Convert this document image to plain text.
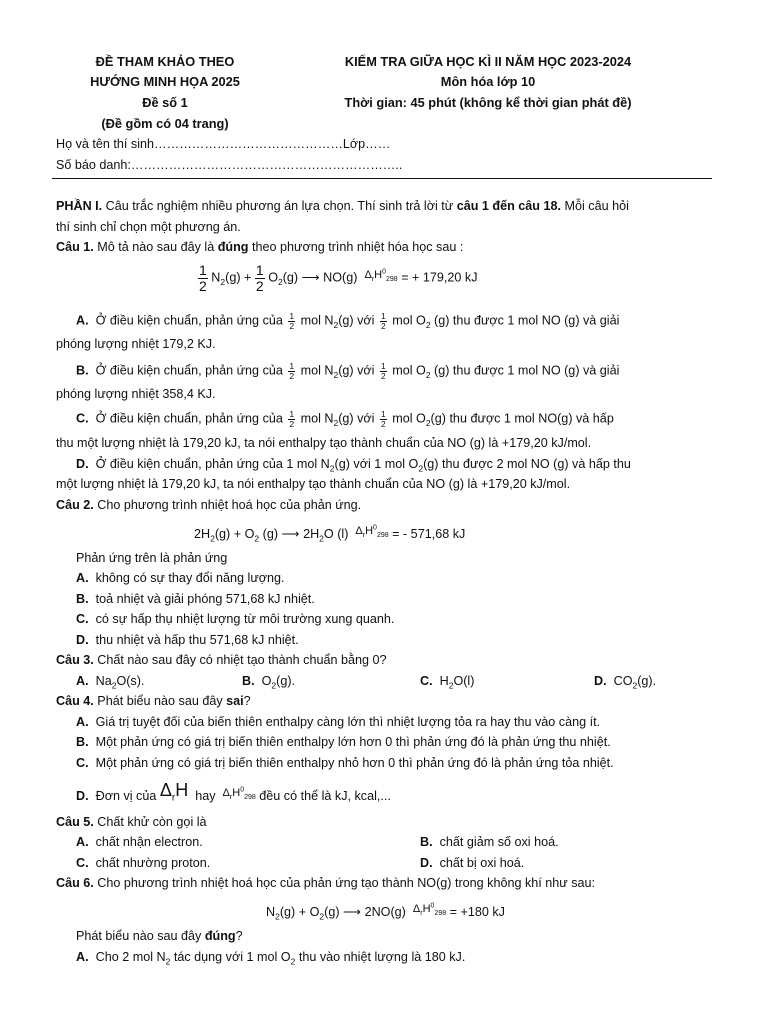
ĐỀ THAM KHẢO THEO
HƯỚNG MINH HỌA 2025
Đề số 1
(Đề gồm có 04 trang)
KIỂM TRA GIỮA HỌC KÌ II NĂM HỌC 2023-2024
Môn hóa lớp 10
Thời gian: 45 phút (không kể thời gian phát đề)
Họ và tên thí sinh………………………………………Lớp……
Số báo danh:………………………………………………………..
PHẦN I. Câu trắc nghiệm nhiều phương án lựa chọn. Thí sinh trả lời từ câu 1 đến câu 18. Mỗi câu hỏi
thí sinh chỉ chọn một phương án.
Câu 1. Mô tả nào sau đây là đúng theo phương trình nhiệt hóa học sau :
$\frac{1}{2} N_2(g) + \frac{1}{2} O_2(g)$ ⟶ NO(g) $\Delta_rH^0_{298}$ = + 179,20 kJ
A. Ở điều kiện chuẩn, phản ứng của $\frac{1}{2}$ mol $N_2(g)$ với $\frac{1}{2}$ mol $O_2$ (g) thu được 1 mol NO (g) và giải
phóng lượng nhiệt 179,2 KJ.
B. Ở điều kiện chuẩn, phản ứng của $\frac{1}{2}$ mol $N_2(g)$ với $\frac{1}{2}$ mol $O_2$ (g) thu được 1 mol NO (g) và giải
phóng lượng nhiệt 358,4 KJ.
C. Ở điều kiện chuẩn, phản ứng của $\frac{1}{2}$ mol $N_2(g)$ với $\frac{1}{2}$ mol $O_2(g)$ thu được 1 mol NO(g) và hấp
thu một lượng nhiệt là 179,20 kJ, ta nói enthalpy tạo thành chuẩn của NO (g) là +179,20 kJ/mol.
D. Ở điều kiện chuẩn, phản ứng của 1 mol $N_2(g)$ với 1 mol $O_2(g)$ thu được 2 mol NO (g) và hấp thu
một lượng nhiệt là 179,20 kJ, ta nói enthalpy tạo thành chuẩn của NO (g) là +179,20 kJ/mol.
Câu 2. Cho phương trình nhiệt hoá học của phản ứng.
$2H_2(g) + O_2$ (g) ⟶ $2H_2O$ (l) $\Delta_rH^0_{298}$ = - 571,68 kJ
Phản ứng trên là phản ứng
A. không có sự thay đổi năng lượng.
B. toả nhiệt và giải phóng 571,68 kJ nhiệt.
C. có sự hấp thụ nhiệt lượng từ môi trường xung quanh.
D. thu nhiệt và hấp thu 571,68 kJ nhiệt.
Câu 3. Chất nào sau đây có nhiệt tạo thành chuẩn bằng 0?
A. $Na_2O(s)$.	B. $O_2(g)$.	C. $H_2O(l)$	D. $CO_2(g)$.
Câu 4. Phát biểu nào sau đây sai?
A. Giá trị tuyệt đối của biến thiên enthalpy càng lớn thì nhiệt lượng tỏa ra hay thu vào càng ít.
B. Một phản ứng có giá trị biến thiên enthalpy lớn hơn 0 thì phản ứng đó là phản ứng thu nhiệt.
C. Một phản ứng có giá trị biến thiên enthalpy nhỏ hơn 0 thì phản ứng đó là phản ứng tỏa nhiệt.
D. Đơn vị của $\Delta_rH$ hay $\Delta_rH^0_{298}$ đều có thể là kJ, kcal,...
Câu 5. Chất khử còn gọi là
A. chất nhận electron.	B. chất giảm số oxi hoá.
C. chất nhường proton.	D. chất bị oxi hoá.
Câu 6. Cho phương trình nhiệt hoá học của phản ứng tạo thành NO(g) trong không khí như sau:
$N_2(g) + O_2(g)$ ⟶ 2NO(g) $\Delta_rH^0_{298} = +180$ kJ
Phát biểu nào sau đây đúng?
A. Cho 2 mol $N_2$ tác dụng với 1 mol $O_2$ thu vào nhiệt lượng là 180 kJ.
